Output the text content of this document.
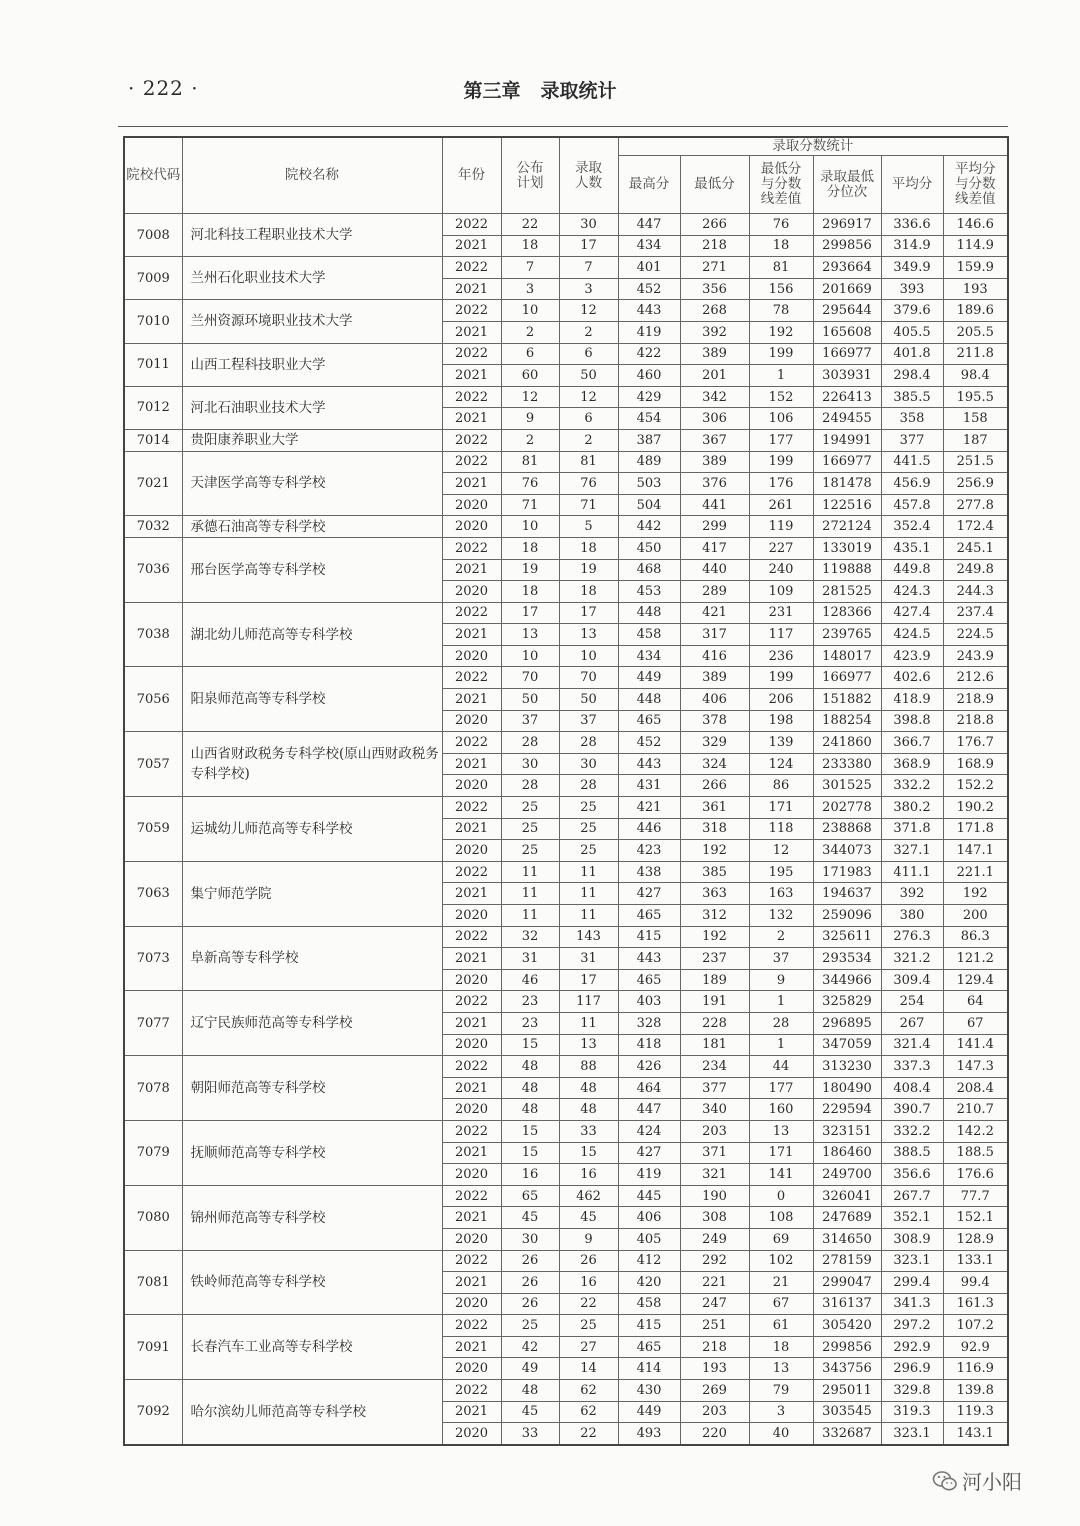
· 222 ·	第三章 录取统计
院校代码	院校名称	年份	公布计划	录取人数	录取分数统计					
					最高分	最低分	最低分与分数线差值	录取最低分位次	平均分	平均分与分数线差值
7008	河北科技工程职业技术大学	2022	22	30	447	266	76	296917	336.6	146.6
		2021	18	17	434	218	18	299856	314.9	114.9
7009	兰州石化职业技术大学	2022	7	7	401	271	81	293664	349.9	159.9
		2021	3	3	452	356	156	201669	393	193
7010	兰州资源环境职业技术大学	2022	10	12	443	268	78	295644	379.6	189.6
		2021	2	2	419	392	192	165608	405.5	205.5
7011	山西工程科技职业大学	2022	6	6	422	389	199	166977	401.8	211.8
		2021	60	50	460	201	1	303931	298.4	98.4
7012	河北石油职业技术大学	2022	12	12	429	342	152	226413	385.5	195.5
		2021	9	6	454	306	106	249455	358	158
7014	贵阳康养职业大学	2022	2	2	387	367	177	194991	377	187
7021	天津医学高等专科学校	2022	81	81	489	389	199	166977	441.5	251.5
		2021	76	76	503	376	176	181478	456.9	256.9
		2020	71	71	504	441	261	122516	457.8	277.8
7032	承德石油高等专科学校	2020	10	5	442	299	119	272124	352.4	172.4
7036	邢台医学高等专科学校	2022	18	18	450	417	227	133019	435.1	245.1
		2021	19	19	468	440	240	119888	449.8	249.8
		2020	18	18	453	289	109	281525	424.3	244.3
7038	湖北幼儿师范高等专科学校	2022	17	17	448	421	231	128366	427.4	237.4
		2021	13	13	458	317	117	239765	424.5	224.5
		2020	10	10	434	416	236	148017	423.9	243.9
7056	阳泉师范高等专科学校	2022	70	70	449	389	199	166977	402.6	212.6
		2021	50	50	448	406	206	151882	418.9	218.9
		2020	37	37	465	378	198	188254	398.8	218.8
7057	山西省财政税务专科学校(原山西财政税务专科学校)	2022	28	28	452	329	139	241860	366.7	176.7
		2021	30	30	443	324	124	233380	368.9	168.9
		2020	28	28	431	266	86	301525	332.2	152.2
7059	运城幼儿师范高等专科学校	2022	25	25	421	361	171	202778	380.2	190.2
		2021	25	25	446	318	118	238868	371.8	171.8
		2020	25	25	423	192	12	344073	327.1	147.1
7063	集宁师范学院	2022	11	11	438	385	195	171983	411.1	221.1
		2021	11	11	427	363	163	194637	392	192
		2020	11	11	465	312	132	259096	380	200
7073	阜新高等专科学校	2022	32	143	415	192	2	325611	276.3	86.3
		2021	31	31	443	237	37	293534	321.2	121.2
		2020	46	17	465	189	9	344966	309.4	129.4
7077	辽宁民族师范高等专科学校	2022	23	117	403	191	1	325829	254	64
		2021	23	11	328	228	28	296895	267	67
		2020	15	13	418	181	1	347059	321.4	141.4
7078	朝阳师范高等专科学校	2022	48	88	426	234	44	313230	337.3	147.3
		2021	48	48	464	377	177	180490	408.4	208.4
		2020	48	48	447	340	160	229594	390.7	210.7
7079	抚顺师范高等专科学校	2022	15	33	424	203	13	323151	332.2	142.2
		2021	15	15	427	371	171	186460	388.5	188.5
		2020	16	16	419	321	141	249700	356.6	176.6
7080	锦州师范高等专科学校	2022	65	462	445	190	0	326041	267.7	77.7
		2021	45	45	406	308	108	247689	352.1	152.1
		2020	30	9	405	249	69	314650	308.9	128.9
7081	铁岭师范高等专科学校	2022	26	26	412	292	102	278159	323.1	133.1
		2021	26	16	420	221	21	299047	299.4	99.4
		2020	26	22	458	247	67	316137	341.3	161.3
7091	长春汽车工业高等专科学校	2022	25	25	415	251	61	305420	297.2	107.2
		2021	42	27	465	218	18	299856	292.9	92.9
		2020	49	14	414	193	13	343756	296.9	116.9
7092	哈尔滨幼儿师范高等专科学校	2022	48	62	430	269	79	295011	329.8	139.8
		2021	45	62	449	203	3	303545	319.3	119.3
		2020	33	22	493	220	40	332687	323.1	143.1
河小阳
